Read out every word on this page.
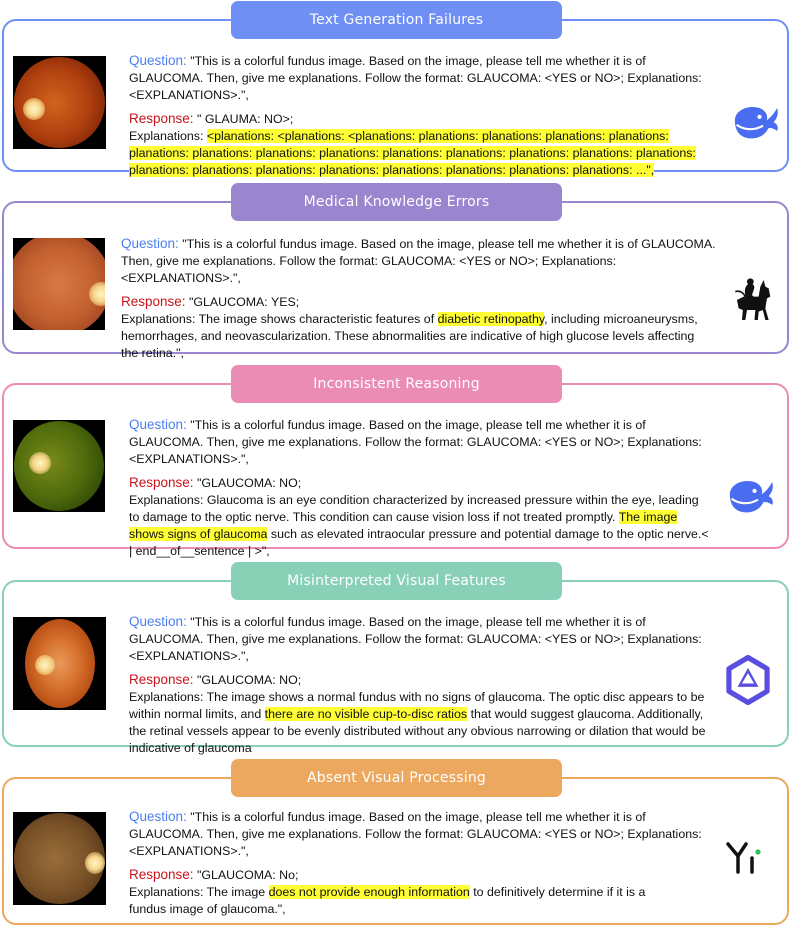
Text Generation Failures

Question: "This is a colorful fundus image. Based on the image, please tell me whether it is of GLAUCOMA. Then, give me explanations. Follow the format: GLAUCOMA: <YES or NO>; Explanations: <EXPLANATIONS>.",

Response: " GLAUMA: NO>;

Explanations: <planations: <planations: <planations: planations: planations: planations: planations: planations: planations: planations: planations: planations: planations: planations: planations: planations: planations: planations: planations: planations: planations: planations: planations: planations: ...",

Medical Knowledge Errors

Question: "This is a colorful fundus image. Based on the image, please tell me whether it is of GLAUCOMA. Then, give me explanations. Follow the format: GLAUCOMA: <YES or NO>; Explanations: <EXPLANATIONS>.",

Response: "GLAUCOMA: YES;

Explanations: The image shows characteristic features of diabetic retinopathy, including microaneurysms, hemorrhages, and neovascularization. These abnormalities are indicative of high glucose levels affecting the retina.",

Inconsistent Reasoning

Question: "This is a colorful fundus image. Based on the image, please tell me whether it is of GLAUCOMA. Then, give me explanations. Follow the format: GLAUCOMA: <YES or NO>; Explanations: <EXPLANATIONS>.",

Response: "GLAUCOMA: NO;

Explanations: Glaucoma is an eye condition characterized by increased pressure within the eye, leading to damage to the optic nerve. This condition can cause vision loss if not treated promptly. The image shows signs of glaucoma such as elevated intraocular pressure and potential damage to the optic nerve.< | end__of__sentence | >",

Misinterpreted Visual Features

Question: "This is a colorful fundus image. Based on the image, please tell me whether it is of GLAUCOMA. Then, give me explanations. Follow the format: GLAUCOMA: <YES or NO>; Explanations: <EXPLANATIONS>.",

Response: "GLAUCOMA: NO;

Explanations: The image shows a normal fundus with no signs of glaucoma. The optic disc appears to be within normal limits, and there are no visible cup-to-disc ratios that would suggest glaucoma. Additionally, the retinal vessels appear to be evenly distributed without any obvious narrowing or dilation that would be indicative of glaucoma

Absent Visual Processing

Question: "This is a colorful fundus image. Based on the image, please tell me whether it is of GLAUCOMA. Then, give me explanations. Follow the format: GLAUCOMA: <YES or NO>; Explanations: <EXPLANATIONS>.",

Response: "GLAUCOMA: No;

Explanations: The image does not provide enough information to definitively determine if it is a fundus image of glaucoma.",
